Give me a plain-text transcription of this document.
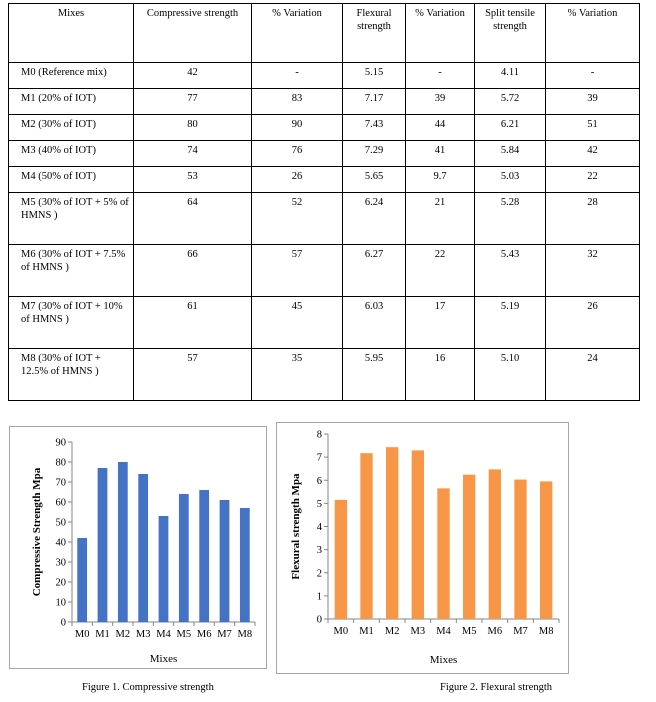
Mixes	Compressive strength	% Variation	Flexural strength	% Variation	Split tensile strength	% Variation
M0 (Reference mix)	42	-	5.15	-	4.11	-
M1 (20% of IOT)	77	83	7.17	39	5.72	39
M2 (30% of IOT)	80	90	7.43	44	6.21	51
M3 (40% of IOT)	74	76	7.29	41	5.84	42
M4 (50% of IOT)	53	26	5.65	9.7	5.03	22
M5 (30% of IOT + 5% of HMNS )	64	52	6.24	21	5.28	28
M6 (30% of IOT + 7.5% of HMNS )	66	57	6.27	22	5.43	32
M7 (30% of IOT + 10% of HMNS )	61	45	6.03	17	5.19	26
M8 (30% of IOT + 12.5% of HMNS )	57	35	5.95	16	5.10	24
0
10
20
30
40
50
60
70
80
90
M0 M1 M2 M3 M4 M5 M6 M7 M8
Mixes
Compressive Strength Mpa
Figure 1. Compressive strength
0
1
2
3
4
5
6
7
8
M0 M1 M2 M3 M4 M5 M6 M7 M8
Mixes
Flexural strength Mpa
Figure 2. Flexural strength
